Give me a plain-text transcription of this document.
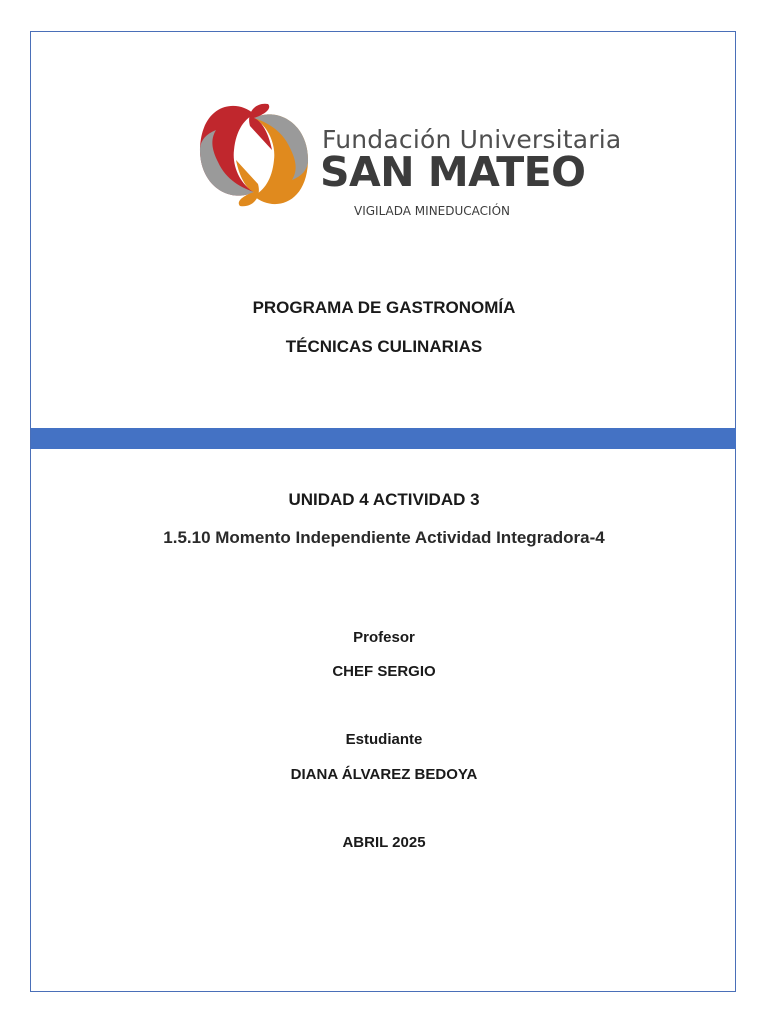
Fundación Universitaria
SAN MATEO
VIGILADA MINEDUCACIÓN
PROGRAMA DE GASTRONOMÍA
TÉCNICAS CULINARIAS
UNIDAD 4 ACTIVIDAD 3
1.5.10 Momento Independiente Actividad Integradora-4
Profesor
CHEF SERGIO
Estudiante
DIANA ÁLVAREZ BEDOYA
ABRIL 2025
